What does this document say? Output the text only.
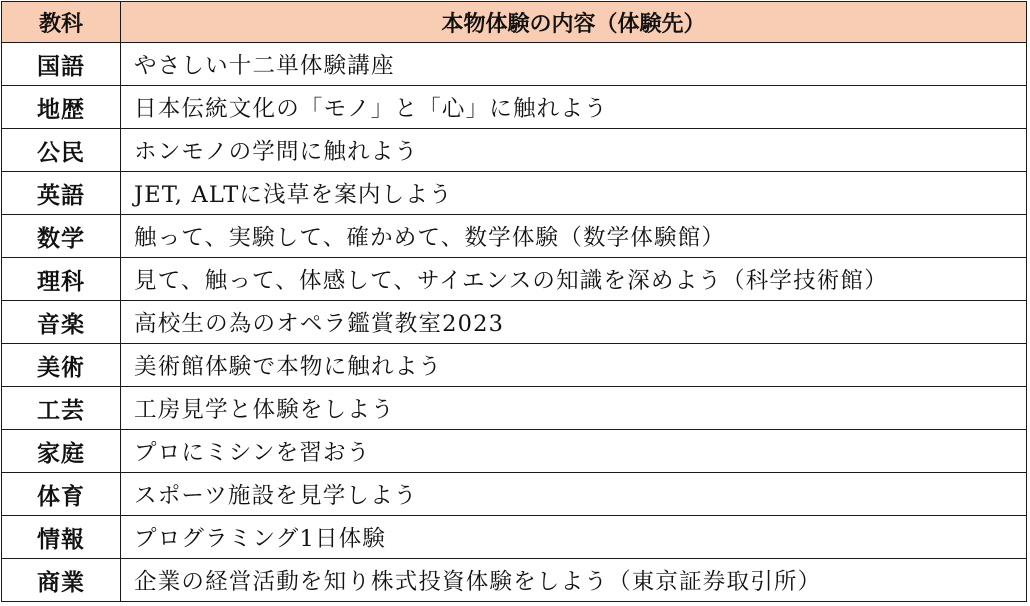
教科	本物体験の内容（体験先）
国語	やさしい十二単体験講座
地歴	日本伝統文化の「モノ」と「心」に触れよう
公民	ホンモノの学問に触れよう
英語	JET, ALTに浅草を案内しよう
数学	触って、実験して、確かめて、数学体験（数学体験館）
理科	見て、触って、体感して、サイエンスの知識を深めよう（科学技術館）
音楽	高校生の為のオペラ鑑賞教室2023
美術	美術館体験で本物に触れよう
工芸	工房見学と体験をしよう
家庭	プロにミシンを習おう
体育	スポーツ施設を見学しよう
情報	プログラミング1日体験
商業	企業の経営活動を知り株式投資体験をしよう（東京証券取引所）
